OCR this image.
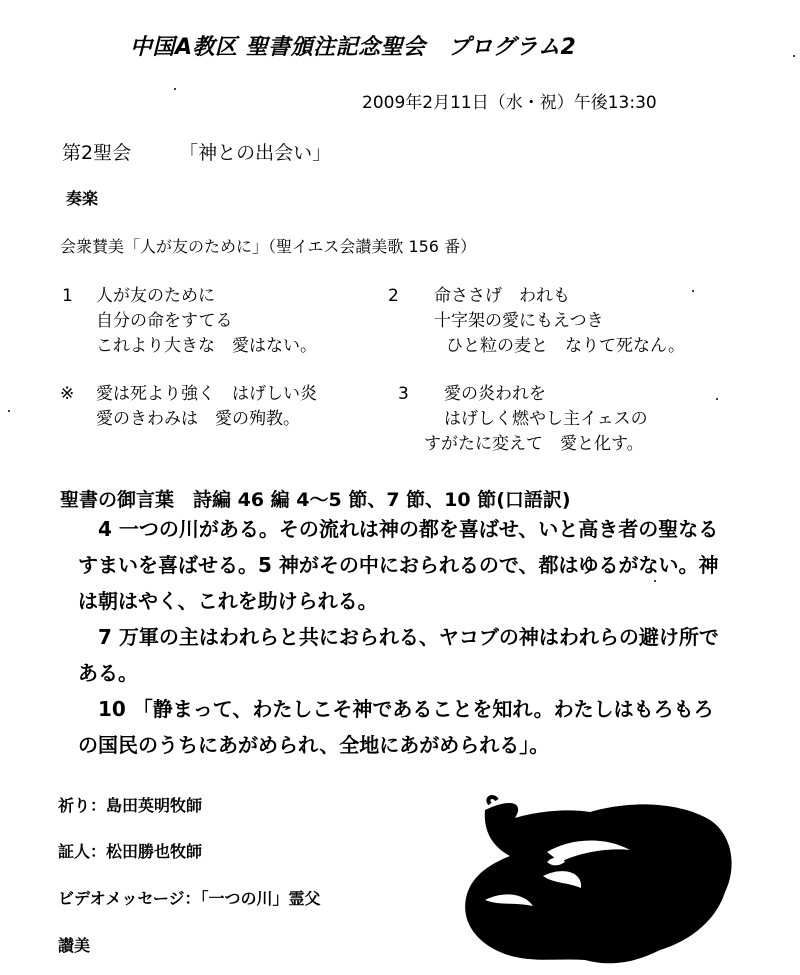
中国A教区 聖書頒注記念聖会　プログラム2
2009年2月11日（水・祝）午後13:30
第2聖会	「神との出会い」
奏楽
会衆賛美「人が友のために」（聖イエス会讃美歌 156 番）
1 人が友のために
自分の命をすてる
これより大きな　愛はない。
2 命ささげ　われも
十字架の愛にもえつき
ひと粒の麦と　なりて死なん。
※ 愛は死より強く　はげしい炎
愛のきわみは　愛の殉教。
3 愛の炎われを
はげしく燃やし主イェスの
すがたに変えて　愛と化す。
聖書の御言葉　詩編 46 編 4～5 節、7 節、10 節(口語訳)

4 一つの川がある。その流れは神の都を喜ばせ、いと高き者の聖なるすまいを喜ばせる。5 神がその中におられるので、都はゆるがない。神は朝はやく、これを助けられる。

7 万軍の主はわれらと共におられる、ヤコブの神はわれらの避け所である。

10 「静まって、わたしこそ神であることを知れ。わたしはもろもろの国民のうちにあがめられ、全地にあがめられる」。

祈り：島田英明牧師
証人：松田勝也牧師
ビデオメッセージ：「一つの川」霊父
讃美
